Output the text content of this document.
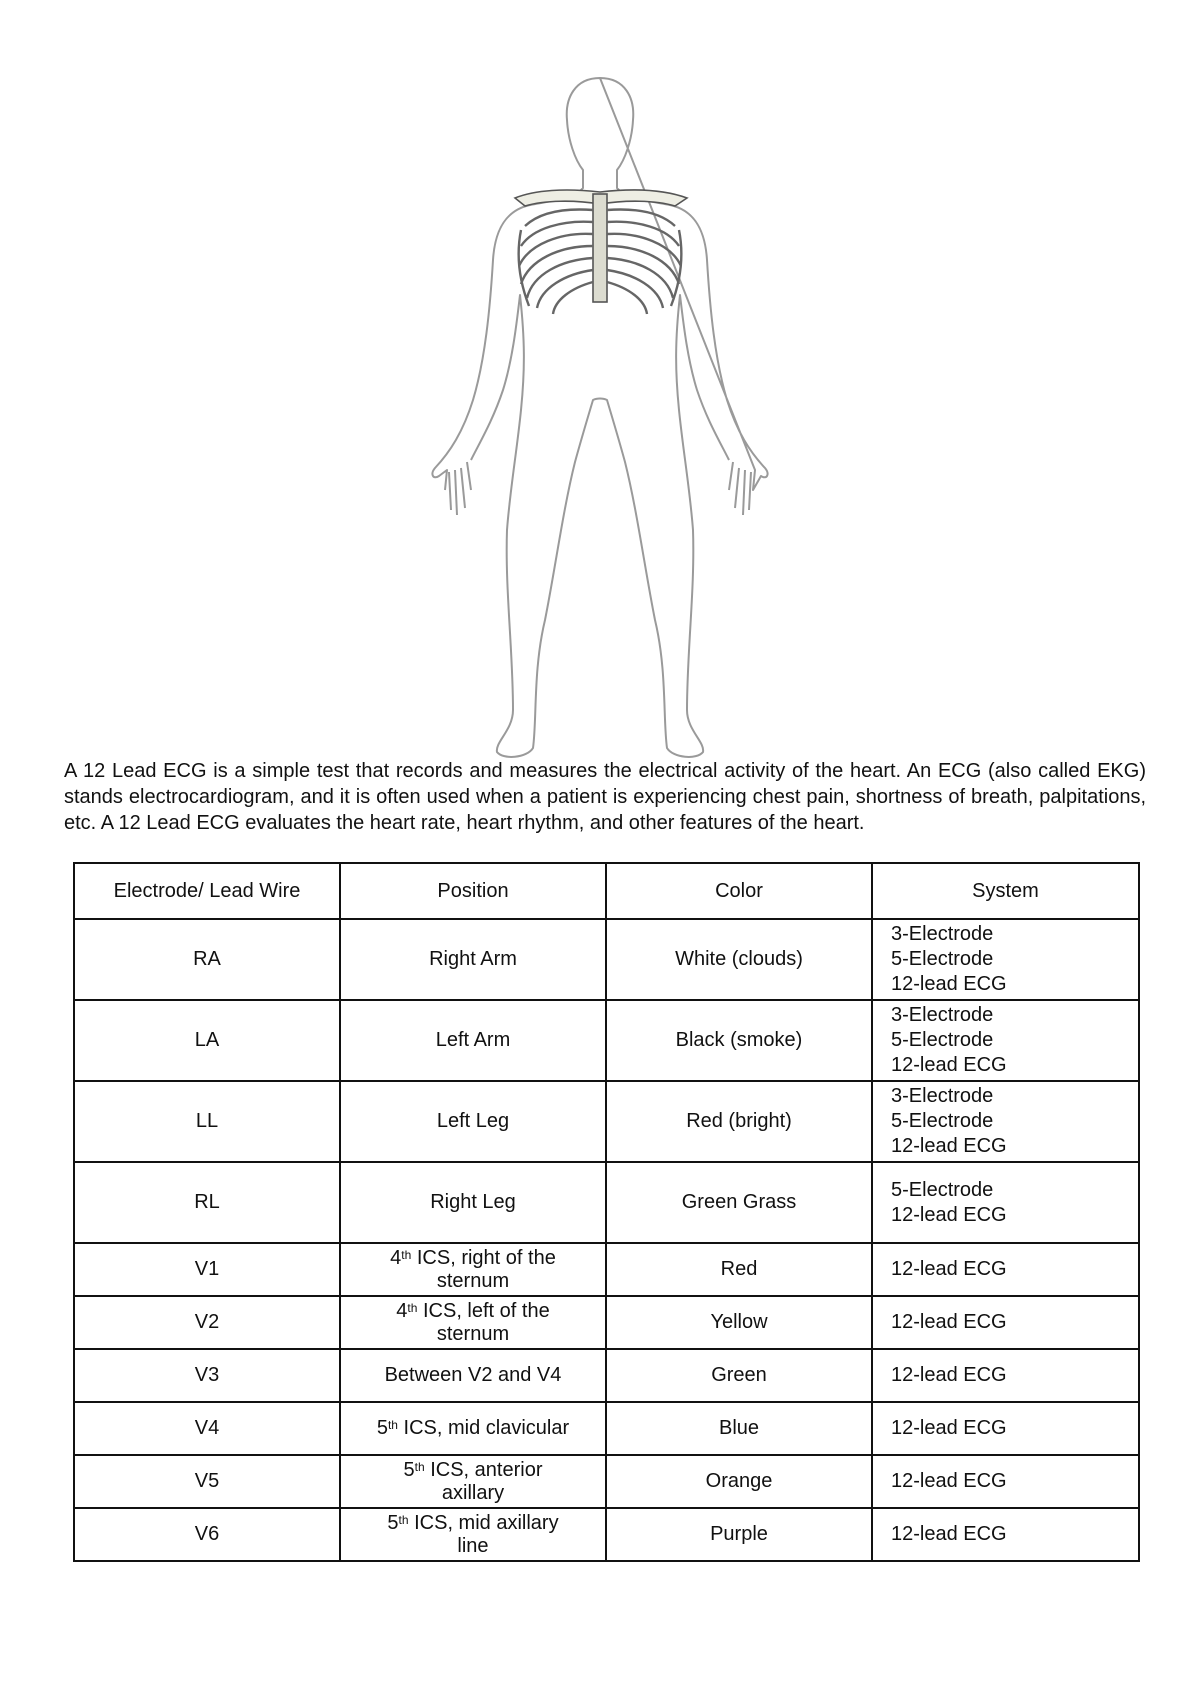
A 12 Lead ECG is a simple test that records and measures the electrical activity of the heart. An ECG (also called EKG) stands electrocardiogram, and it is often used when a patient is experiencing chest pain, shortness of breath, palpitations, etc. A 12 Lead ECG evaluates the heart rate, heart rhythm, and other features of the heart.

Electrode/ Lead Wire	Position	Color	System
RA	Right Arm	White (clouds)	3-Electrode
5-Electrode
12-lead ECG

LA	Left Arm	Black (smoke)	3-Electrode
5-Electrode
12-lead ECG

LL	Left Leg	Red (bright)	3-Electrode
5-Electrode
12-lead ECG

RL	Right Leg	Green Grass	5-Electrode
12-lead ECG

V1	4th ICS, right of the
sternum	Red	12-lead ECG

V2	4th ICS, left of the
sternum	Yellow	12-lead ECG

V3	Between V2 and V4	Green	12-lead ECG

V4	5th ICS, mid clavicular	Blue	12-lead ECG

V5	5th ICS, anterior
axillary	Orange	12-lead ECG

V6	5th ICS, mid axillary
line	Purple	12-lead ECG
